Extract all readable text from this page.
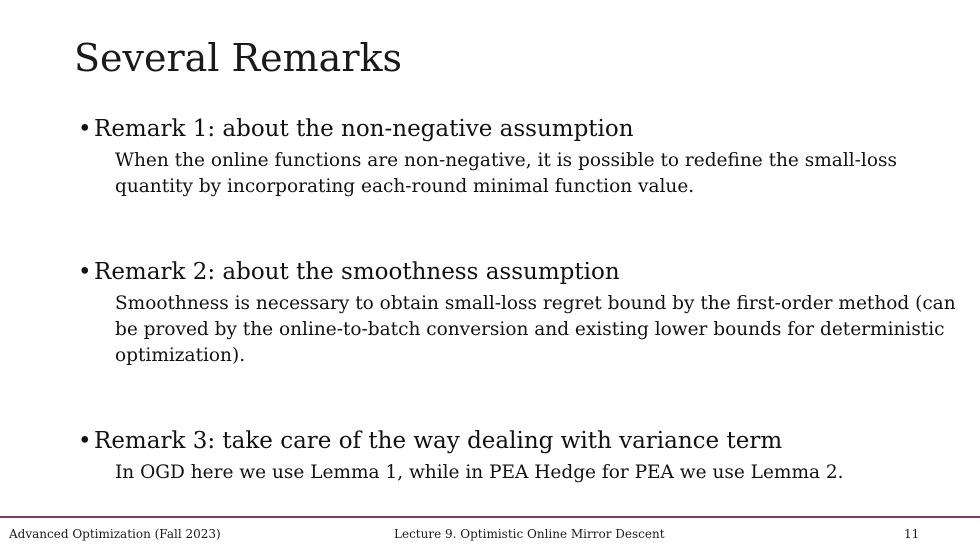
Several Remarks
• Remark 1: about the non-negative assumption
When the online functions are non-negative, it is possible to redefine the small-loss quantity by incorporating each-round minimal function value.
• Remark 2: about the smoothness assumption
Smoothness is necessary to obtain small-loss regret bound by the first-order method (can be proved by the online-to-batch conversion and existing lower bounds for deterministic optimization).
• Remark 3: take care of the way dealing with variance term
In OGD here we use Lemma 1, while in PEA Hedge for PEA we use Lemma 2.
Advanced Optimization (Fall 2023)	Lecture 9. Optimistic Online Mirror Descent	11
